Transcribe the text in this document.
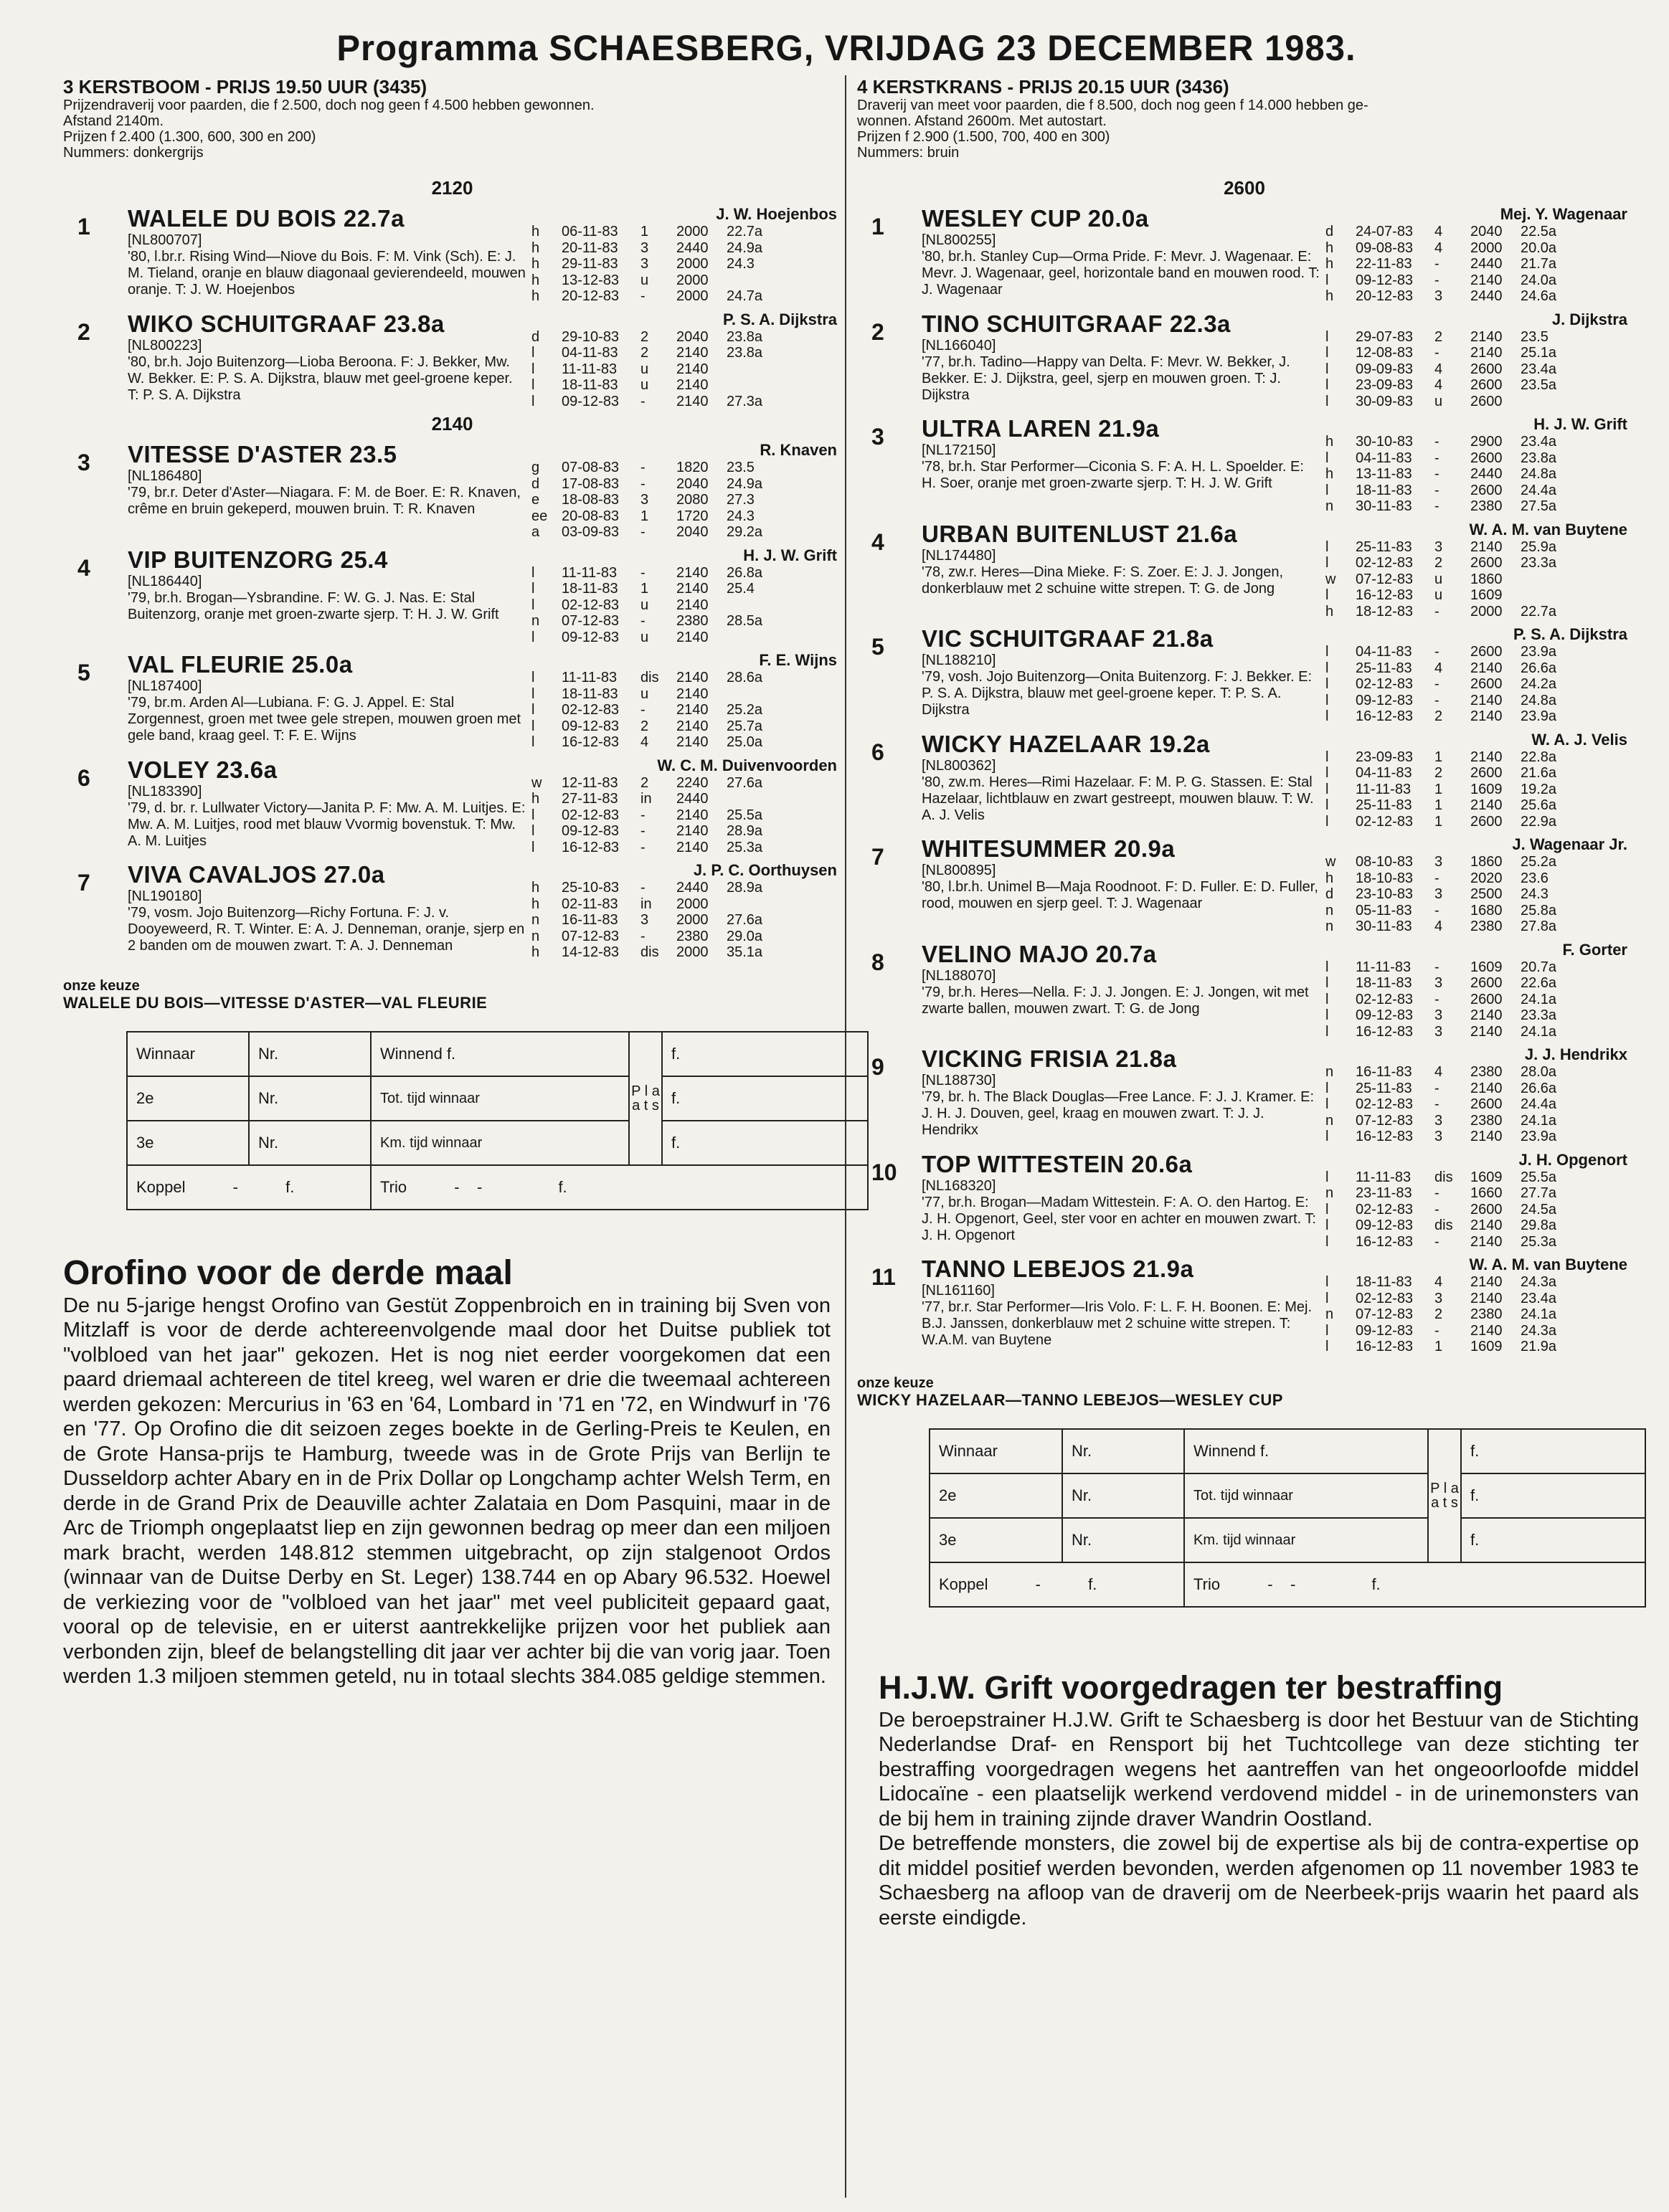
Programma SCHAESBERG, VRIJDAG 23 DECEMBER 1983.
3 KERSTBOOM - PRIJS 19.50 UUR (3435)
Prijzendraverij voor paarden, die f 2.500, doch nog geen f 4.500 hebben gewonnen.
Afstand 2140m.
Prijzen f 2.400 (1.300, 600, 300 en 200)
Nummers: donkergrijs
2120
1	WALELE DU BOIS 22.7a
[NL800707]
'80, l.br.r. Rising Wind—Niove du Bois. F: M. Vink (Sch). E: J. M. Tieland, oranje en blauw diagonaal gevierendeeld, mouwen oranje. T: J. W. Hoejenbos
J. W. Hoejenbos
h	06-11-83	1	2000	22.7a
h	20-11-83	3	2440	24.9a
h	29-11-83	3	2000	24.3
h	13-12-83	u	2000
h	20-12-83	-	2000	24.7a
2	WIKO SCHUITGRAAF 23.8a
[NL800223]
'80, br.h. Jojo Buitenzorg—Lioba Beroona. F: J. Bekker, Mw. W. Bekker. E: P. S. A. Dijkstra, blauw met geel-groene keper. T: P. S. A. Dijkstra
P. S. A. Dijkstra
d	29-10-83	2	2040	23.8a
l	04-11-83	2	2140	23.8a
l	11-11-83	u	2140
l	18-11-83	u	2140
l	09-12-83	-	2140	27.3a
2140
3	VITESSE D'ASTER 23.5
[NL186480]
'79, br.r. Deter d'Aster—Niagara. F: M. de Boer. E: R. Knaven, crême en bruin gekeperd, mouwen bruin. T: R. Knaven
R. Knaven
g	07-08-83	-	1820	23.5
d	17-08-83	-	2040	24.9a
e	18-08-83	3	2080	27.3
ee 20-08-83	1	1720	24.3
a	03-09-83	-	2040	29.2a
4	VIP BUITENZORG 25.4
[NL186440]
'79, br.h. Brogan—Ysbrandine. F: W. G. J. Nas. E: Stal Buitenzorg, oranje met groen-zwarte sjerp. T: H. J. W. Grift
H. J. W. Grift
l	11-11-83	-	2140	26.8a
l	18-11-83	1	2140	25.4
l	02-12-83	u	2140
n	07-12-83	-	2380	28.5a
l	09-12-83	u	2140
5	VAL FLEURIE 25.0a
[NL187400]
'79, br.m. Arden Al—Lubiana. F: G. J. Appel. E: Stal Zorgennest, groen met twee gele strepen, mouwen groen met gele band, kraag geel. T: F. E. Wijns
F. E. Wijns
l	11-11-83	dis	2140	28.6a
l	18-11-83	u	2140
l	02-12-83	-	2140	25.2a
l	09-12-83	2	2140	25.7a
l	16-12-83	4	2140	25.0a
6	VOLEY 23.6a
[NL183390]
'79, d. br. r. Lullwater Victory—Janita P. F: Mw. A. M. Luitjes. E: Mw. A. M. Luitjes, rood met blauw Vvormig bovenstuk. T: Mw. A. M. Luitjes
W. C. M. Duivenvoorden
w	12-11-83	2	2240	27.6a
h	27-11-83	in	2440
l	02-12-83	-	2140	25.5a
l	09-12-83	-	2140	28.9a
l	16-12-83	-	2140	25.3a
7	VIVA CAVALJOS 27.0a
[NL190180]
'79, vosm. Jojo Buitenzorg—Richy Fortuna. F: J. v. Dooyeweerd, R. T. Winter. E: A. J. Denneman, oranje, sjerp en 2 banden om de mouwen zwart. T: A. J. Denneman
J. P. C. Oorthuysen
h	25-10-83	-	2440	28.9a
h	02-11-83	in	2000
n	16-11-83	3	2000	27.6a
n	07-12-83	-	2380	29.0a
h	14-12-83	dis	2000	35.1a
onze keuze
WALELE DU BOIS—VITESSE D'ASTER—VAL FLEURIE
Winnaar	Nr.	Winnend f.	P l a a t s	f.
2e	Nr.	Tot. tijd winnaar		f.
3e	Nr.	Km. tijd winnaar		f.
Koppel - f.		Trio -    - f.		
Orofino voor de derde maal
De nu 5-jarige hengst Orofino van Gestüt Zoppenbroich en in training bij Sven von Mitzlaff is voor de derde achtereenvolgende maal door het Duitse publiek tot "volbloed van het jaar" gekozen. Het is nog niet eerder voorgekomen dat een paard driemaal achtereen de titel kreeg, wel waren er drie die tweemaal achtereen werden gekozen: Mercurius in '63 en '64, Lombard in '71 en '72, en Windwurf in '76 en '77. Op Orofino die dit seizoen zeges boekte in de Gerling-Preis te Keulen, en de Grote Hansa-prijs te Hamburg, tweede was in de Grote Prijs van Berlijn te Dusseldorp achter Abary en in de Prix Dollar op Longchamp achter Welsh Term, en derde in de Grand Prix de Deauville achter Zalataia en Dom Pasquini, maar in de Arc de Triomph ongeplaatst liep en zijn gewonnen bedrag op meer dan een miljoen mark bracht, werden 148.812 stemmen uitgebracht, op zijn stalgenoot Ordos (winnaar van de Duitse Derby en St. Leger) 138.744 en op Abary 96.532. Hoewel de verkiezing voor de "volbloed van het jaar" met veel publiciteit gepaard gaat, vooral op de televisie, en er uiterst aantrekkelijke prijzen voor het publiek aan verbonden zijn, bleef de belangstelling dit jaar ver achter bij die van vorig jaar. Toen werden 1.3 miljoen stemmen geteld, nu in totaal slechts 384.085 geldige stemmen.
4 KERSTKRANS - PRIJS 20.15 UUR (3436)
Draverij van meet voor paarden, die f 8.500, doch nog geen f 14.000 hebben ge-
wonnen. Afstand 2600m. Met autostart.
Prijzen f 2.900 (1.500, 700, 400 en 300)
Nummers: bruin
2600
1	WESLEY CUP 20.0a
[NL800255]
'80, br.h. Stanley Cup—Orma Pride. F: Mevr. J. Wagenaar. E: Mevr. J. Wagenaar, geel, horizontale band en mouwen rood. T: J. Wagenaar
Mej. Y. Wagenaar
d	24-07-83	4	2040	22.5a
h	09-08-83	4	2000	20.0a
h	22-11-83	-	2440	21.7a
l	09-12-83	-	2140	24.0a
h	20-12-83	3	2440	24.6a
2	TINO SCHUITGRAAF 22.3a
[NL166040]
'77, br.h. Tadino—Happy van Delta. F: Mevr. W. Bekker, J. Bekker. E: J. Dijkstra, geel, sjerp en mouwen groen. T: J. Dijkstra
J. Dijkstra
l	29-07-83	2	2140	23.5
l	12-08-83	-	2140	25.1a
l	09-09-83	4	2600	23.4a
l	23-09-83	4	2600	23.5a
l	30-09-83	u	2600
3	ULTRA LAREN 21.9a
[NL172150]
'78, br.h. Star Performer—Ciconia S. F: A. H. L. Spoelder. E: H. Soer, oranje met groen-zwarte sjerp. T: H. J. W. Grift
H. J. W. Grift
h	30-10-83	-	2900	23.4a
l	04-11-83	-	2600	23.8a
h	13-11-83	-	2440	24.8a
l	18-11-83	-	2600	24.4a
n	30-11-83	-	2380	27.5a
4	URBAN BUITENLUST 21.6a
[NL174480]
'78, zw.r. Heres—Dina Mieke. F: S. Zoer. E: J. J. Jongen, donkerblauw met 2 schuine witte strepen. T: G. de Jong
W. A. M. van Buytene
l	25-11-83	3	2140	25.9a
l	02-12-83	2	2600	23.3a
w	07-12-83	u	1860
l	16-12-83	u	1609
h	18-12-83	-	2000	22.7a
5	VIC SCHUITGRAAF 21.8a
[NL188210]
'79, vosh. Jojo Buitenzorg—Onita Buitenzorg. F: J. Bekker. E: P. S. A. Dijkstra, blauw met geel-groene keper. T: P. S. A. Dijkstra
P. S. A. Dijkstra
l	04-11-83	-	2600	23.9a
l	25-11-83	4	2140	26.6a
l	02-12-83	-	2600	24.2a
l	09-12-83	-	2140	24.8a
l	16-12-83	2	2140	23.9a
6	WICKY HAZELAAR 19.2a
[NL800362]
'80, zw.m. Heres—Rimi Hazelaar. F: M. P. G. Stassen. E: Stal Hazelaar, lichtblauw en zwart gestreept, mouwen blauw. T: W. A. J. Velis
W. A. J. Velis
l	23-09-83	1	2140	22.8a
l	04-11-83	2	2600	21.6a
l	11-11-83	1	1609	19.2a
l	25-11-83	1	2140	25.6a
l	02-12-83	1	2600	22.9a
7	WHITESUMMER 20.9a
[NL800895]
'80, l.br.h. Unimel B—Maja Roodnoot. F: D. Fuller. E: D. Fuller, rood, mouwen en sjerp geel. T: J. Wagenaar
J. Wagenaar Jr.
w	08-10-83	3	1860	25.2a
h	18-10-83	-	2020	23.6
d	23-10-83	3	2500	24.3
n	05-11-83	-	1680	25.8a
n	30-11-83	4	2380	27.8a
8	VELINO MAJO 20.7a
[NL188070]
'79, br.h. Heres—Nella. F: J. J. Jongen. E: J. Jongen, wit met zwarte ballen, mouwen zwart. T: G. de Jong
F. Gorter
l	11-11-83	-	1609	20.7a
l	18-11-83	3	2600	22.6a
l	02-12-83	-	2600	24.1a
l	09-12-83	3	2140	23.3a
l	16-12-83	3	2140	24.1a
9	VICKING FRISIA 21.8a
[NL188730]
'79, br. h. The Black Douglas—Free Lance. F: J. J. Kramer. E: J. H. J. Douven, geel, kraag en mouwen zwart. T: J. J. Hendrikx
J. J. Hendrikx
n	16-11-83	4	2380	28.0a
l	25-11-83	-	2140	26.6a
l	02-12-83	-	2600	24.4a
n	07-12-83	3	2380	24.1a
l	16-12-83	3	2140	23.9a
10	TOP WITTESTEIN 20.6a
[NL168320]
'77, br.h. Brogan—Madam Wittestein. F: A. O. den Hartog. E: J. H. Opgenort, Geel, ster voor en achter en mouwen zwart. T: J. H. Opgenort
J. H. Opgenort
l	11-11-83	dis	1609	25.5a
n	23-11-83	-	1660	27.7a
l	02-12-83	-	2600	24.5a
l	09-12-83	dis	2140	29.8a
l	16-12-83	-	2140	25.3a
11	TANNO LEBEJOS 21.9a
[NL161160]
'77, br.r. Star Performer—Iris Volo. F: L. F. H. Boonen. E: Mej. B.J. Janssen, donkerblauw met 2 schuine witte strepen. T: W.A.M. van Buytene
W. A. M. van Buytene
l	18-11-83	4	2140	24.3a
l	02-12-83	3	2140	23.4a
n	07-12-83	2	2380	24.1a
l	09-12-83	-	2140	24.3a
l	16-12-83	1	1609	21.9a
onze keuze
WICKY HAZELAAR—TANNO LEBEJOS—WESLEY CUP
Winnaar	Nr.	Winnend f.	P l a a t s	f.
2e	Nr.	Tot. tijd winnaar		f.
3e	Nr.	Km. tijd winnaar		f.
Koppel - f.		Trio -    - f.		
H.J.W. Grift voorgedragen ter bestraffing
De beroepstrainer H.J.W. Grift te Schaesberg is door het Bestuur van de Stichting Nederlandse Draf- en Rensport bij het Tuchtcollege van deze stichting ter bestraffing voorgedragen wegens het aantreffen van het ongeoorloofde middel Lidocaïne - een plaatselijk werkend verdovend middel - in de urinemonsters van de bij hem in training zijnde draver Wandrin Oostland.
De betreffende monsters, die zowel bij de expertise als bij de contra-expertise op dit middel positief werden bevonden, werden afgenomen op 11 november 1983 te Schaesberg na afloop van de draverij om de Neerbeek-prijs waarin het paard als eerste eindigde.
